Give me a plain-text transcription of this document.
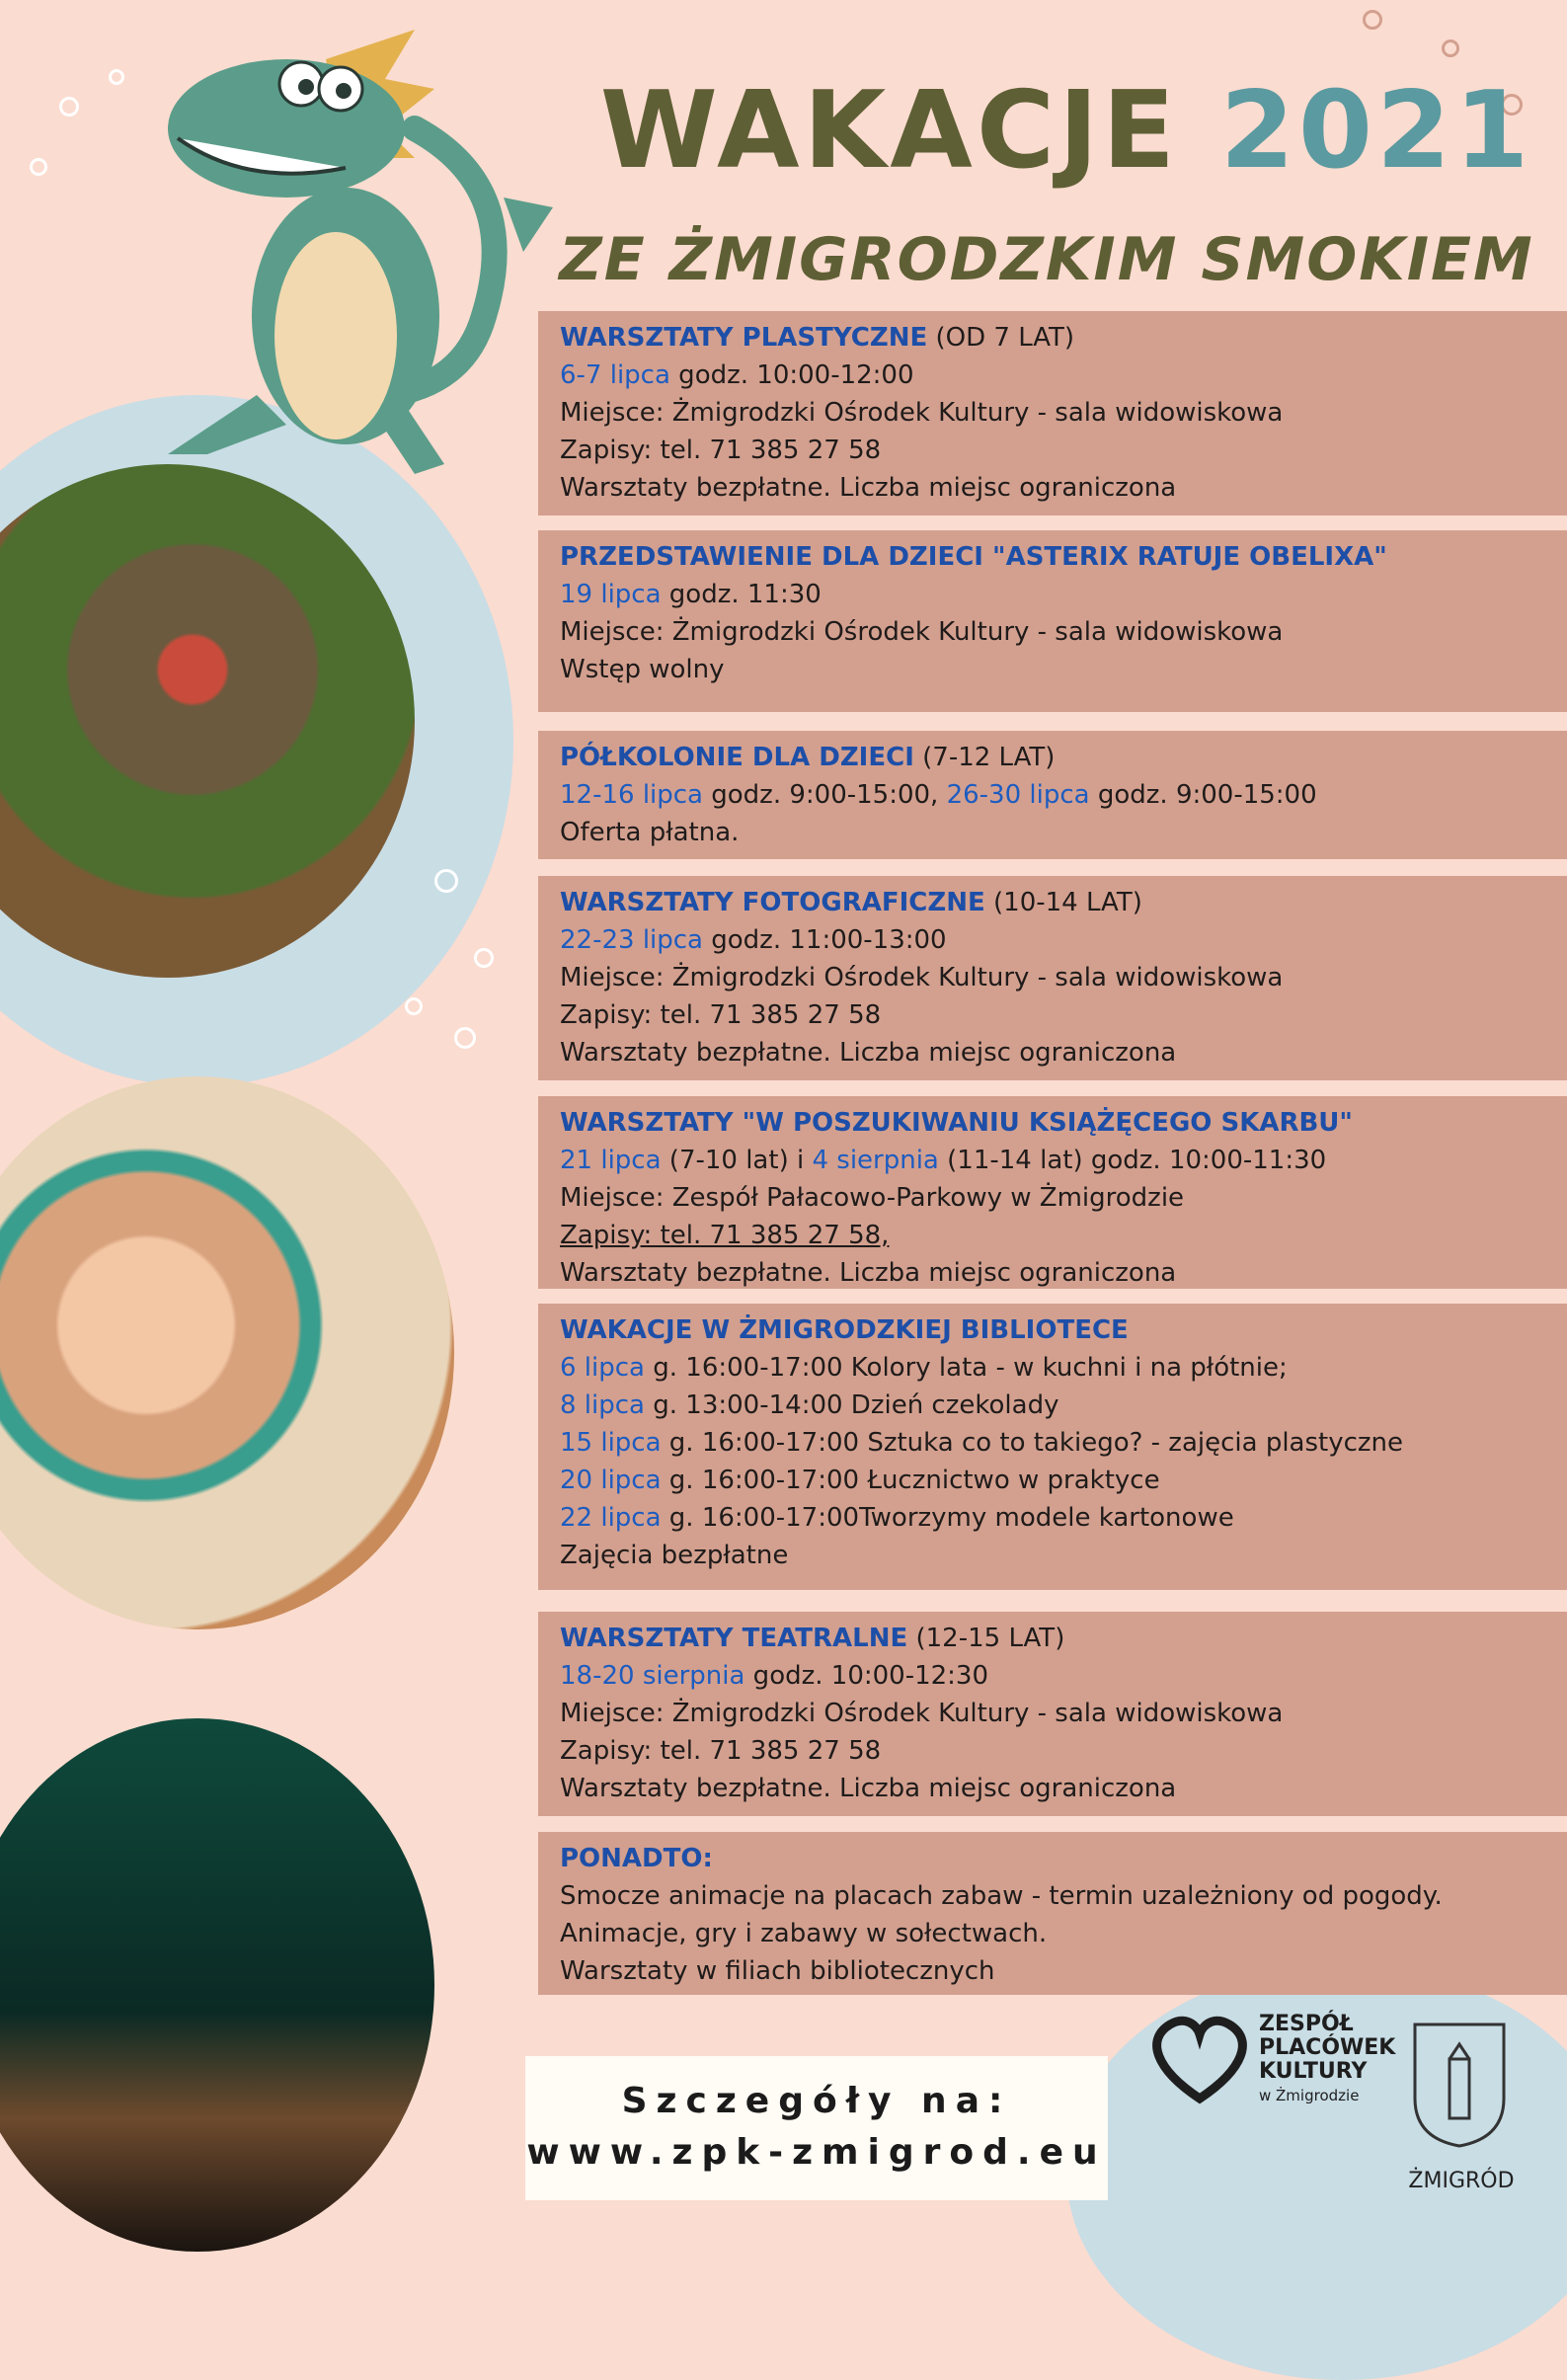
WAKACJE 2021
ZE ŻMIGRODZKIM SMOKIEM
WARSZTATY PLASTYCZNE (OD 7 LAT)
6-7 lipca godz. 10:00-12:00
Miejsce: Żmigrodzki Ośrodek Kultury - sala widowiskowa
Zapisy: tel. 71 385 27 58
Warsztaty bezpłatne. Liczba miejsc ograniczona
PRZEDSTAWIENIE DLA DZIECI "ASTERIX RATUJE OBELIXA"
19 lipca godz. 11:30
Miejsce: Żmigrodzki Ośrodek Kultury - sala widowiskowa
Wstęp wolny
PÓŁKOLONIE DLA DZIECI (7-12 LAT)
12-16 lipca godz. 9:00-15:00, 26-30 lipca godz. 9:00-15:00
Oferta płatna.
WARSZTATY FOTOGRAFICZNE (10-14 LAT)
22-23 lipca godz. 11:00-13:00
Miejsce: Żmigrodzki Ośrodek Kultury - sala widowiskowa
Zapisy: tel. 71 385 27 58
Warsztaty bezpłatne. Liczba miejsc ograniczona
WARSZTATY "W POSZUKIWANIU KSIĄŻĘCEGO SKARBU"
21 lipca (7-10 lat) i 4 sierpnia (11-14 lat) godz. 10:00-11:30
Miejsce: Zespół Pałacowo-Parkowy w Żmigrodzie
Zapisy: tel. 71 385 27 58,
Warsztaty bezpłatne. Liczba miejsc ograniczona
WAKACJE W ŻMIGRODZKIEJ BIBLIOTECE
6 lipca g. 16:00-17:00 Kolory lata - w kuchni i na płótnie;
8 lipca g. 13:00-14:00 Dzień czekolady
15 lipca g. 16:00-17:00 Sztuka co to takiego? - zajęcia plastyczne
20 lipca g. 16:00-17:00 Łucznictwo w praktyce
22 lipca g. 16:00-17:00Tworzymy modele kartonowe
Zajęcia bezpłatne
WARSZTATY TEATRALNE (12-15 LAT)
18-20 sierpnia godz. 10:00-12:30
Miejsce: Żmigrodzki Ośrodek Kultury - sala widowiskowa
Zapisy: tel. 71 385 27 58
Warsztaty bezpłatne. Liczba miejsc ograniczona
PONADTO:
Smocze animacje na placach zabaw - termin uzależniony od pogody.
Animacje, gry i zabawy w sołectwach.
Warsztaty w filiach bibliotecznych
Szczegóły na:
www.zpk-zmigrod.eu
ZESPÓŁ
PLACÓWEK
KULTURY
w Żmigrodzie
ŻMIGRÓD
